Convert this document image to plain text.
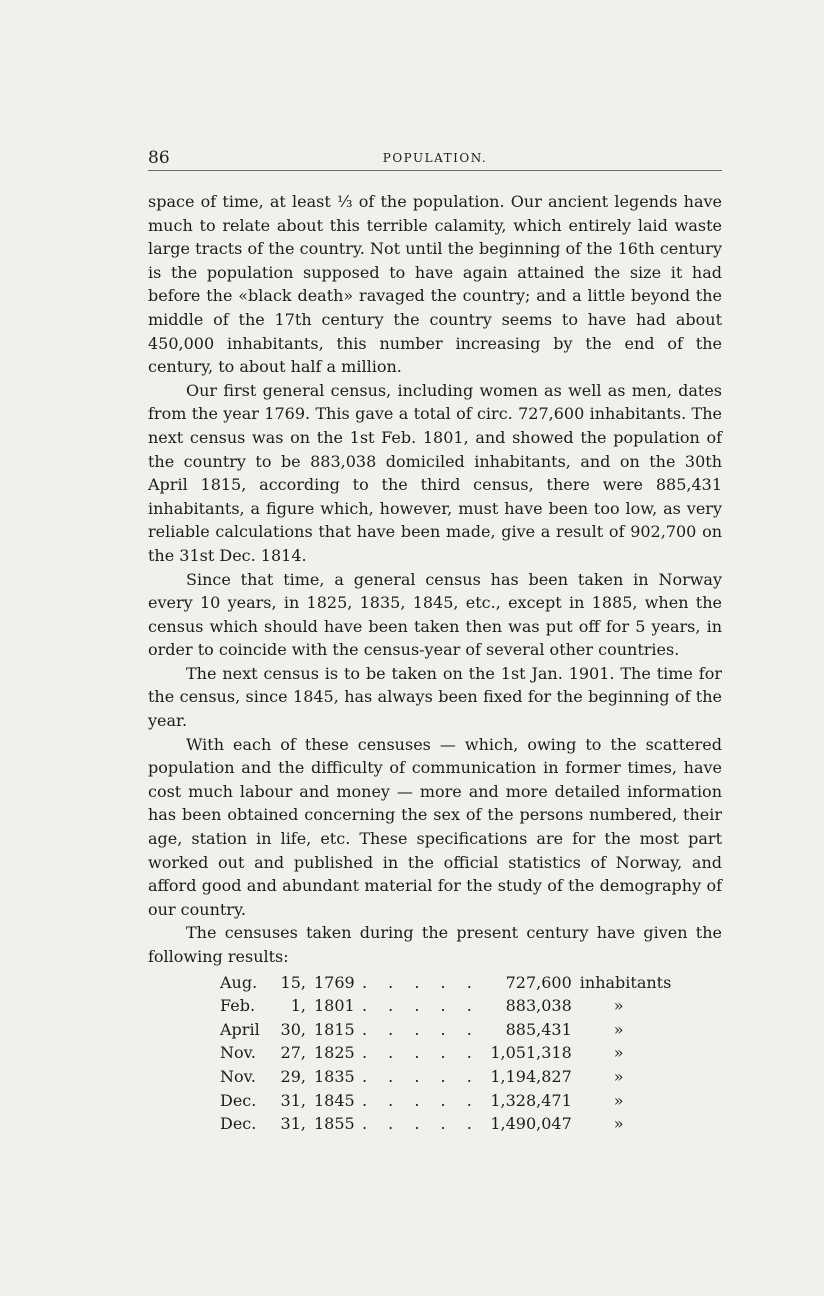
86	POPULATION.

space of time, at least ⅓ of the population. Our ancient legends have much to relate about this terrible calamity, which entirely laid waste large tracts of the country. Not until the beginning of the 16th century is the population supposed to have again attained the size it had before the «black death» ravaged the country; and a little beyond the middle of the 17th century the country seems to have had about 450,000 inhabitants, this number increasing by the end of the century, to about half a million.

Our first general census, including women as well as men, dates from the year 1769. This gave a total of circ. 727,600 inhabitants. The next census was on the 1st Feb. 1801, and showed the population of the country to be 883,038 domiciled inhabitants, and on the 30th April 1815, according to the third census, there were 885,431 inhabitants, a figure which, however, must have been too low, as very reliable calculations that have been made, give a result of 902,700 on the 31st Dec. 1814.

Since that time, a general census has been taken in Norway every 10 years, in 1825, 1835, 1845, etc., except in 1885, when the census which should have been taken then was put off for 5 years, in order to coincide with the census-year of several other countries.

The next census is to be taken on the 1st Jan. 1901. The time for the census, since 1845, has always been fixed for the beginning of the year.

With each of these censuses — which, owing to the scattered population and the difficulty of communication in former times, have cost much labour and money — more and more detailed information has been obtained concerning the sex of the persons numbered, their age, station in life, etc. These specifications are for the most part worked out and published in the official statistics of Norway, and afford good and abundant material for the study of the demography of our country.

The censuses taken during the present century have given the following results:

Aug.	15,	1769	. . . . .	727,600	inhabitants
Feb.	1,	1801	. . . . .	883,038	»
April	30,	1815	. . . . .	885,431	»
Nov.	27,	1825	. . . . .	1,051,318	»
Nov.	29,	1835	. . . . .	1,194,827	»
Dec.	31,	1845	. . . . .	1,328,471	»
Dec.	31,	1855	. . . . .	1,490,047	»
